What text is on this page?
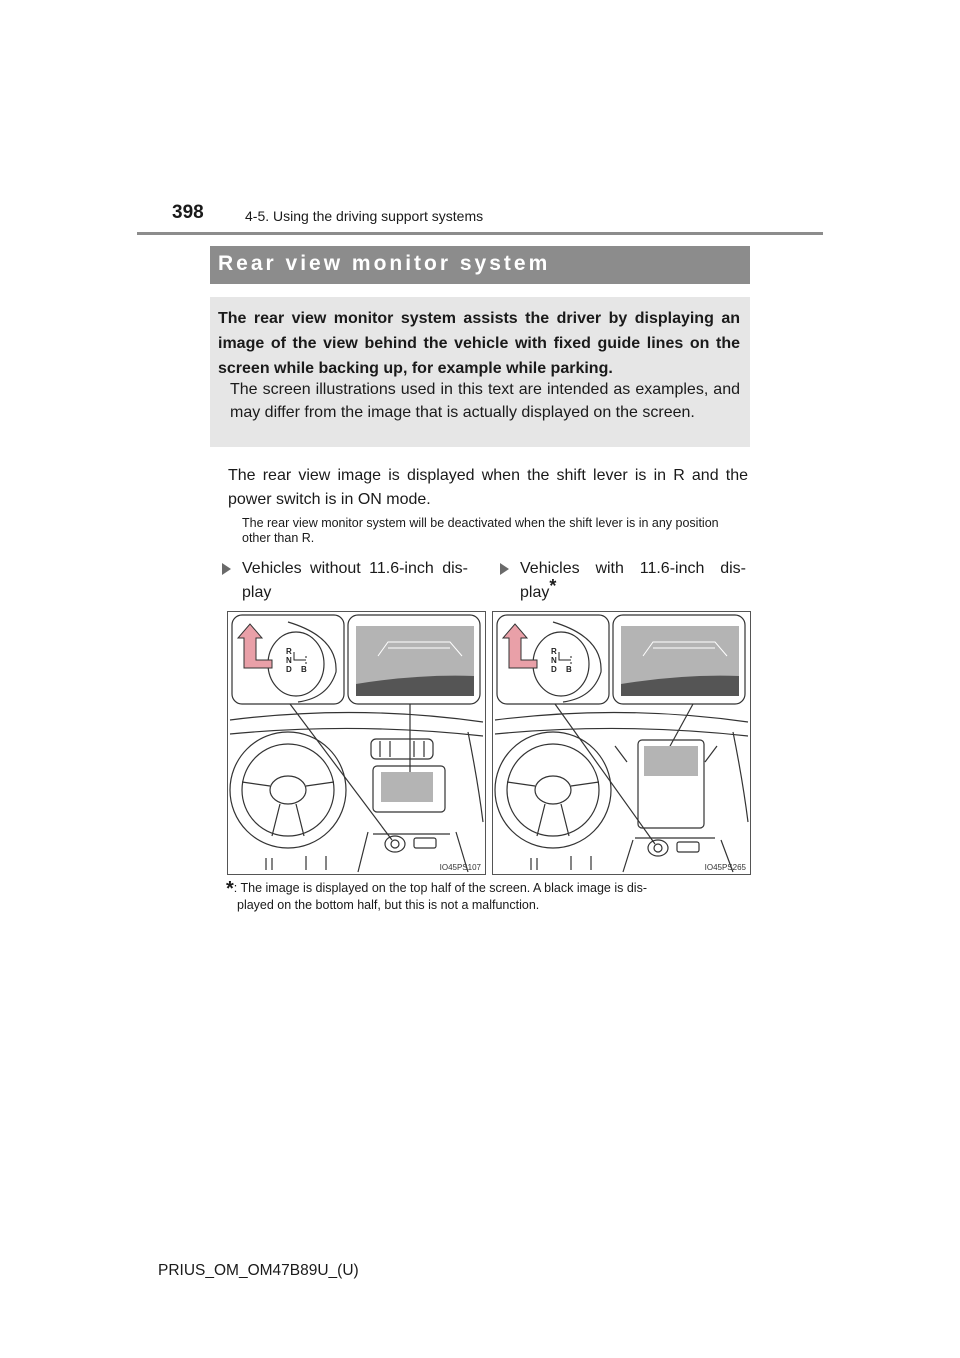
398	4-5. Using the driving support systems
Rear view monitor system
The rear view monitor system assists the driver by displaying an image of the view behind the vehicle with fixed guide lines on the screen while backing up, for example while parking.
The screen illustrations used in this text are intended as examples, and may differ from the image that is actually displayed on the screen.
The rear view image is displayed when the shift lever is in R and the power switch is in ON mode.
The rear view monitor system will be deactivated when the shift lever is in any position other than R.
Vehicles without 11.6-inch dis-play
Vehicles with 11.6-inch dis-play*
R
N
D B
IO45PS107
R
N
D B
IO45PS265
*: The image is displayed on the top half of the screen. A black image is dis-
played on the bottom half, but this is not a malfunction.
PRIUS_OM_OM47B89U_(U)
